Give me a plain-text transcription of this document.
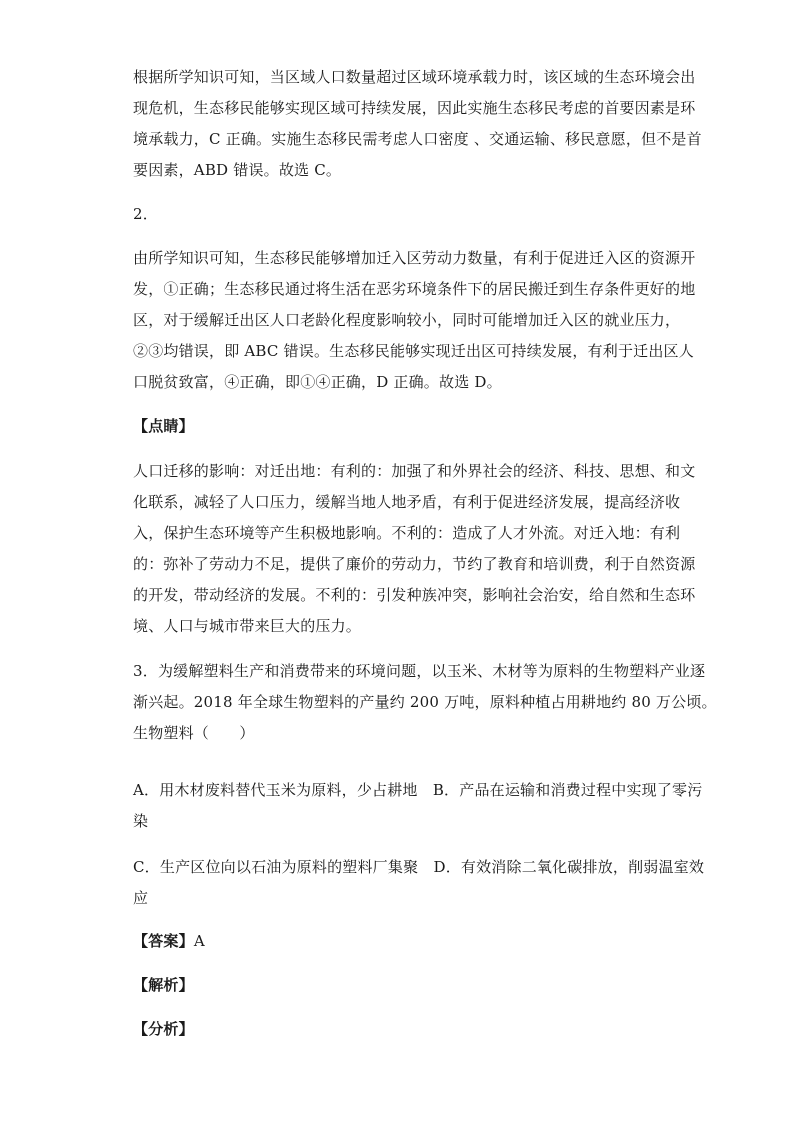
根据所学知识可知，当区域人口数量超过区域环境承载力时，该区域的生态环境会出
现危机，生态移民能够实现区域可持续发展，因此实施生态移民考虑的首要因素是环
境承载力，C 正确。实施生态移民需考虑人口密度 、交通运输、移民意愿，但不是首
要因素，ABD 错误。故选 C。

2．

由所学知识可知，生态移民能够增加迁入区劳动力数量，有利于促进迁入区的资源开
发，①正确；生态移民通过将生活在恶劣环境条件下的居民搬迁到生存条件更好的地
区，对于缓解迁出区人口老龄化程度影响较小，同时可能增加迁入区的就业压力，
②③均错误，即 ABC 错误。生态移民能够实现迁出区可持续发展，有利于迁出区人
口脱贫致富，④正确，即①④正确，D 正确。故选 D。

【点睛】

人口迁移的影响：对迁出地：有利的：加强了和外界社会的经济、科技、思想、和文
化联系，减轻了人口压力，缓解当地人地矛盾，有利于促进经济发展，提高经济收
入，保护生态环境等产生积极地影响。不利的：造成了人才外流。对迁入地：有利
的：弥补了劳动力不足，提供了廉价的劳动力，节约了教育和培训费，利于自然资源
的开发，带动经济的发展。不利的：引发种族冲突，影响社会治安，给自然和生态环
境、人口与城市带来巨大的压力。

3．为缓解塑料生产和消费带来的环境问题，以玉米、木材等为原料的生物塑料产业逐
渐兴起。2018 年全球生物塑料的产量约 200 万吨，原料种植占用耕地约 80 万公顷。
生物塑料（　　）

A．用木材废料替代玉米为原料，少占耕地　B．产品在运输和消费过程中实现了零污
染

C．生产区位向以石油为原料的塑料厂集聚　D．有效消除二氧化碳排放，削弱温室效
应

【答案】A

【解析】

【分析】
